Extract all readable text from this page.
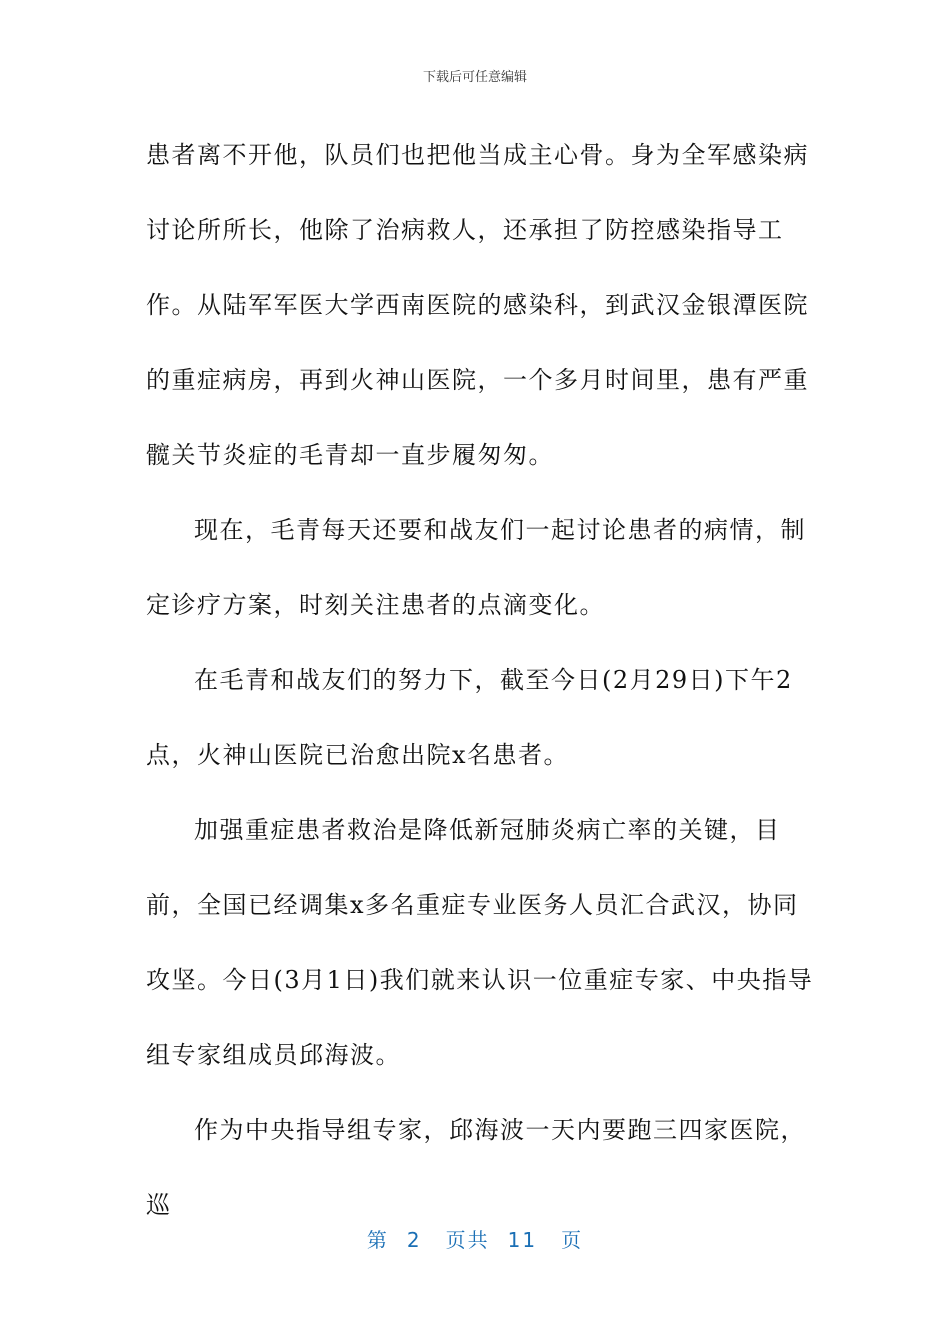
下载后可任意编辑

患者离不开他，队员们也把他当成主心骨。身为全军感染病讨论所所长，他除了治病救人，还承担了防控感染指导工作。从陆军军医大学西南医院的感染科，到武汉金银潭医院的重症病房，再到火神山医院，一个多月时间里，患有严重髋关节炎症的毛青却一直步履匆匆。

现在，毛青每天还要和战友们一起讨论患者的病情，制定诊疗方案，时刻关注患者的点滴变化。

在毛青和战友们的努力下，截至今日(2月29日)下午2点，火神山医院已治愈出院x名患者。

加强重症患者救治是降低新冠肺炎病亡率的关键，目前，全国已经调集x多名重症专业医务人员汇合武汉，协同攻坚。今日(3月1日)我们就来认识一位重症专家、中央指导组专家组成员邱海波。

作为中央指导组专家，邱海波一天内要跑三四家医院，巡

第 2 页共 11 页
